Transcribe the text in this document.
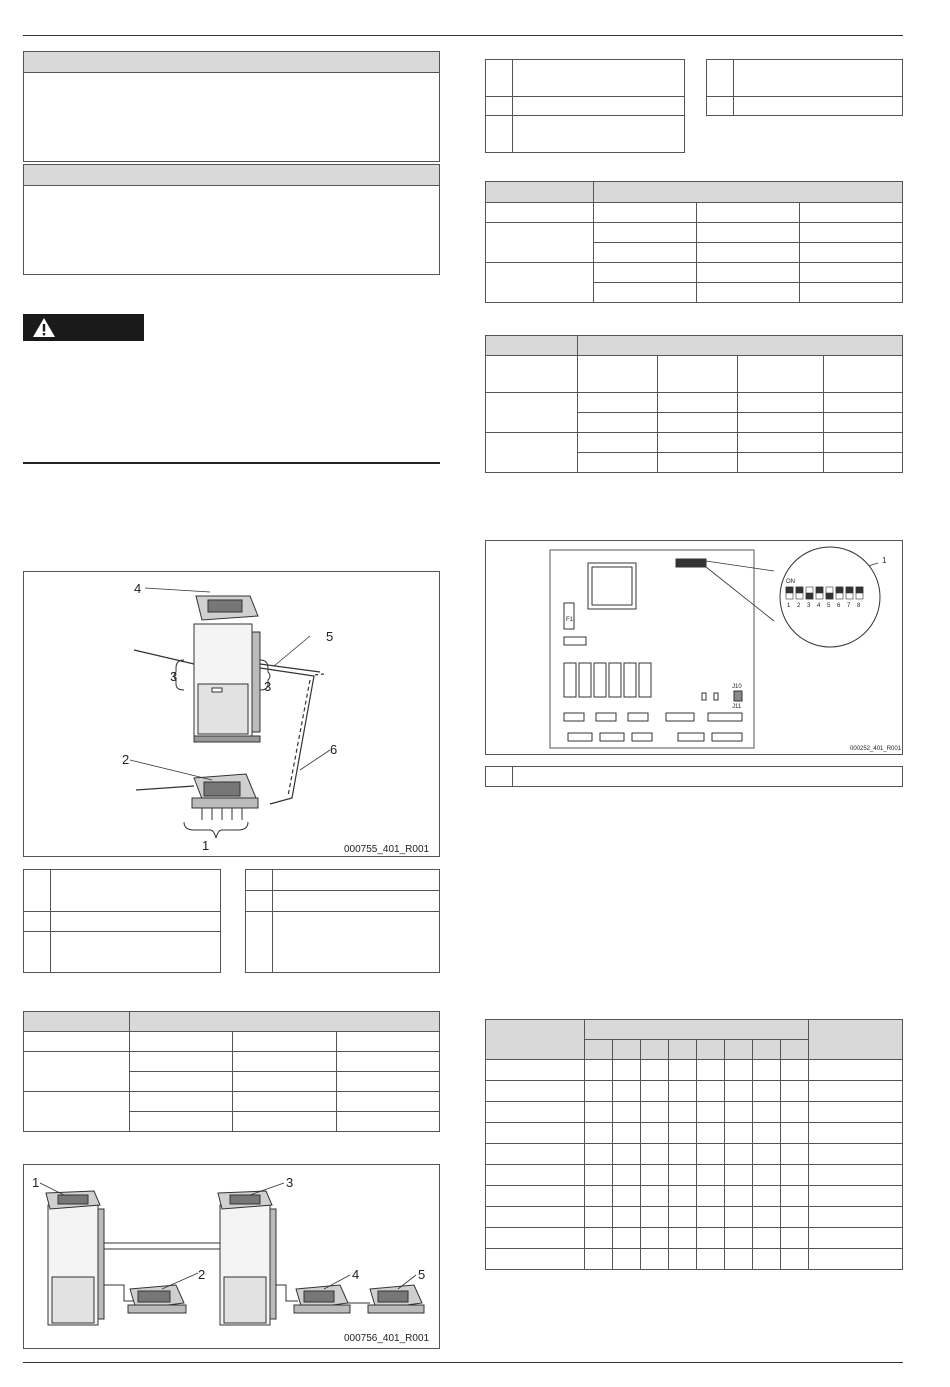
4
5
3
3
2
6
1	000755_401_R001

1
2
3
4	5
000756_401_R001

F1
J10
J11
ON
1 2 3 4 5 6 7 8
1
000252_401_R001
